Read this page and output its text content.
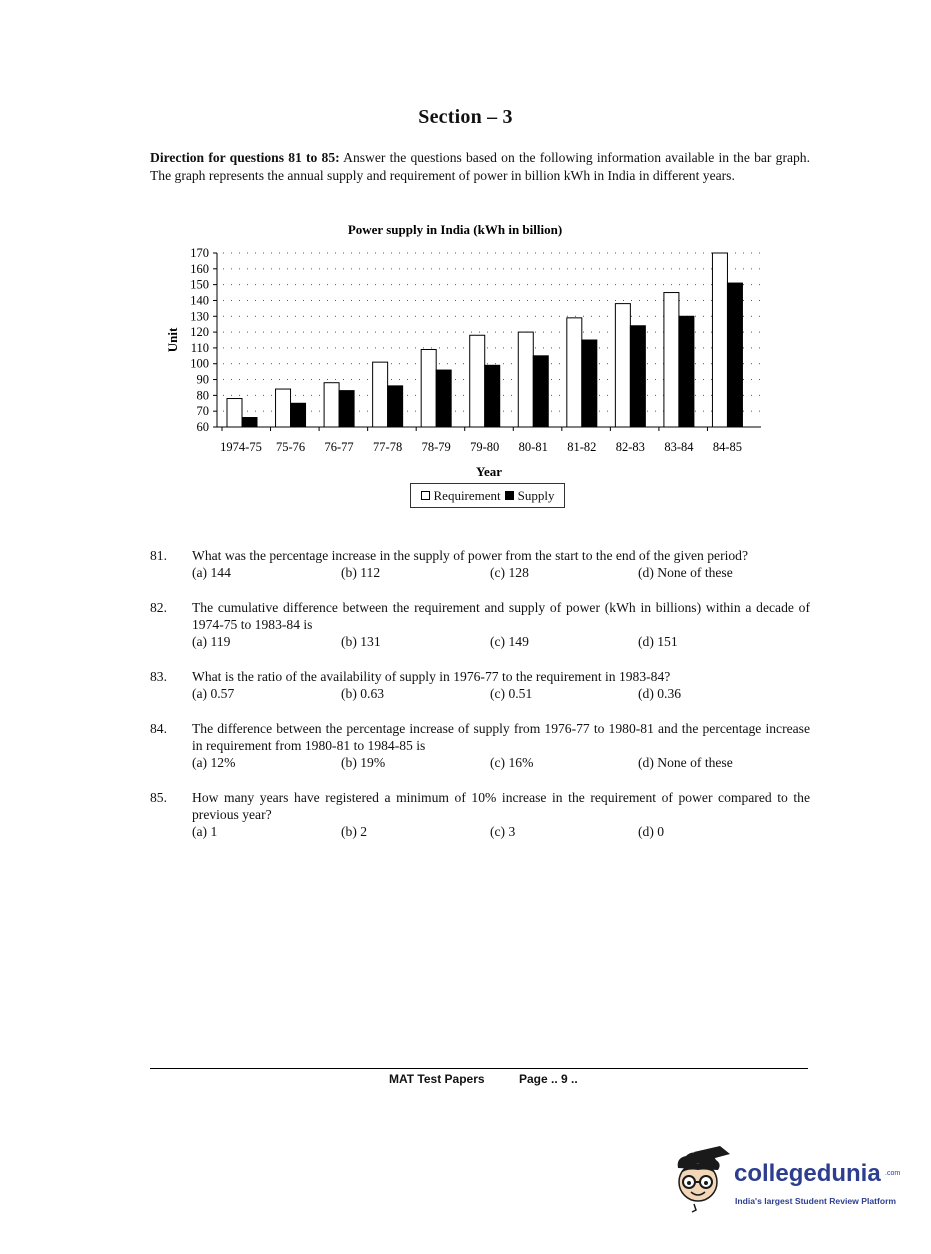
Section – 3
Direction for questions 81 to 85: Answer the questions based on the following information available in the bar graph. The graph represents the annual supply and requirement of power in billion kWh in India in different years.
Power supply in India (kWh in billion)
60
70
80
90
100
110
120
130
140
150
160
170
1974-75 75-76 76-77 77-78 78-79 79-80 80-81 81-82 82-83 83-84 84-85
Unit
Year
Requirement Supply
81. What was the percentage increase in the supply of power from the start to the end of the given period?
(a) 144	(b) 112	(c) 128	(d) None of these
82. The cumulative difference between the requirement and supply of power (kWh in billions) within a decade of 1974-75 to 1983-84 is
(a) 119	(b) 131	(c) 149	(d) 151
83. What is the ratio of the availability of supply in 1976-77 to the requirement in 1983-84?
(a) 0.57	(b) 0.63	(c) 0.51	(d) 0.36
84. The difference between the percentage increase of supply from 1976-77 to 1980-81 and the percentage increase in requirement from 1980-81 to 1984-85 is
(a) 12%	(b) 19%	(c) 16%	(d) None of these
85. How many years have registered a minimum of 10% increase in the requirement of power compared to the previous year?
(a) 1	(b) 2	(c) 3	(d) 0
MAT Test Papers	Page .. 9 ..
collegedunia .com
India's largest Student Review Platform
